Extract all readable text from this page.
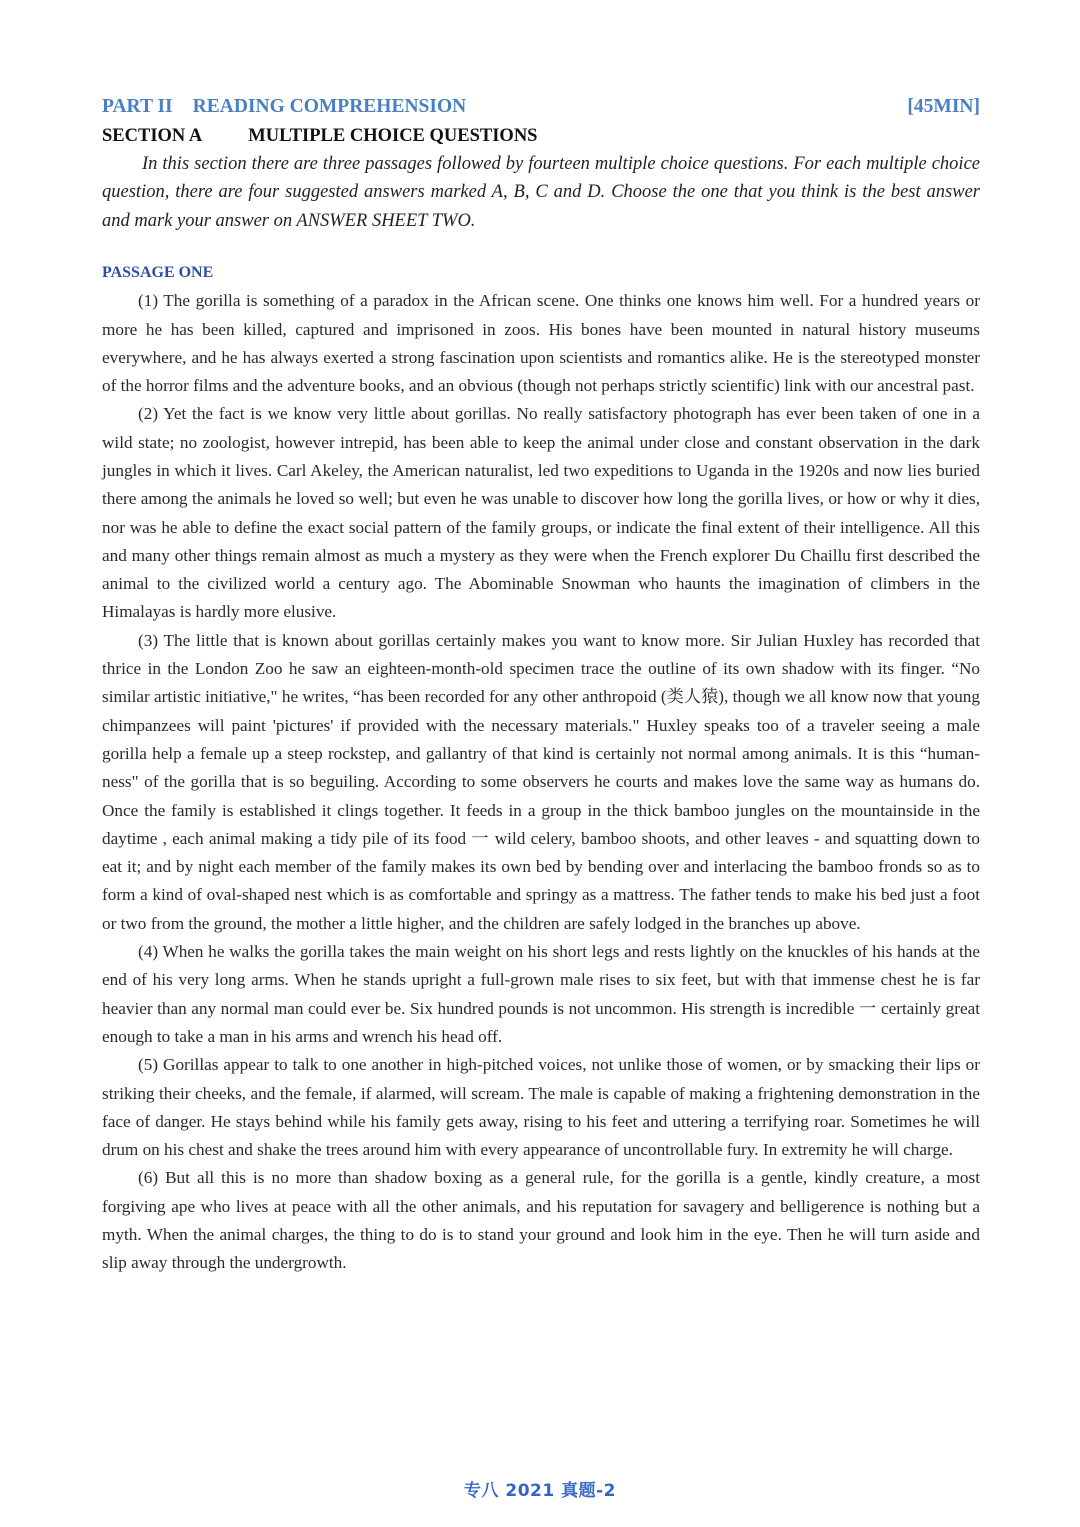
PART II READING COMPREHENSION	[45MIN]
SECTION A MULTIPLE CHOICE QUESTIONS

In this section there are three passages followed by fourteen multiple choice questions. For each multiple choice question, there are four suggested answers marked A, B, C and D. Choose the one that you think is the best answer and mark your answer on ANSWER SHEET TWO.

PASSAGE ONE

(1) The gorilla is something of a paradox in the African scene. One thinks one knows him well. For a hundred years or more he has been killed, captured and imprisoned in zoos. His bones have been mounted in natural history museums everywhere, and he has always exerted a strong fascination upon scientists and romantics alike. He is the stereotyped monster of the horror films and the adventure books, and an obvious (though not perhaps strictly scientific) link with our ancestral past.

(2) Yet the fact is we know very little about gorillas. No really satisfactory photograph has ever been taken of one in a wild state; no zoologist, however intrepid, has been able to keep the animal under close and constant observation in the dark jungles in which it lives. Carl Akeley, the American naturalist, led two expeditions to Uganda in the 1920s and now lies buried there among the animals he loved so well; but even he was unable to discover how long the gorilla lives, or how or why it dies, nor was he able to define the exact social pattern of the family groups, or indicate the final extent of their intelligence. All this and many other things remain almost as much a mystery as they were when the French explorer Du Chaillu first described the animal to the civilized world a century ago. The Abominable Snowman who haunts the imagination of climbers in the Himalayas is hardly more elusive.

(3) The little that is known about gorillas certainly makes you want to know more. Sir Julian Huxley has recorded that thrice in the London Zoo he saw an eighteen-month-old specimen trace the outline of its own shadow with its finger. “No similar artistic initiative," he writes, “has been recorded for any other anthropoid (类人猿), though we all know now that young chimpanzees will paint 'pictures' if provided with the necessary materials." Huxley speaks too of a traveler seeing a male gorilla help a female up a steep rockstep, and gallantry of that kind is certainly not normal among animals. It is this “human-ness" of the gorilla that is so beguiling. According to some observers he courts and makes love the same way as humans do. Once the family is established it clings together. It feeds in a group in the thick bamboo jungles on the mountainside in the daytime , each animal making a tidy pile of its food 一 wild celery, bamboo shoots, and other leaves - and squatting down to eat it; and by night each member of the family makes its own bed by bending over and interlacing the bamboo fronds so as to form a kind of oval-shaped nest which is as comfortable and springy as a mattress. The father tends to make his bed just a foot or two from the ground, the mother a little higher, and the children are safely lodged in the branches up above.

(4) When he walks the gorilla takes the main weight on his short legs and rests lightly on the knuckles of his hands at the end of his very long arms. When he stands upright a full-grown male rises to six feet, but with that immense chest he is far heavier than any normal man could ever be. Six hundred pounds is not uncommon. His strength is incredible 一 certainly great enough to take a man in his arms and wrench his head off.

(5) Gorillas appear to talk to one another in high-pitched voices, not unlike those of women, or by smacking their lips or striking their cheeks, and the female, if alarmed, will scream. The male is capable of making a frightening demonstration in the face of danger. He stays behind while his family gets away, rising to his feet and uttering a terrifying roar. Sometimes he will drum on his chest and shake the trees around him with every appearance of uncontrollable fury. In extremity he will charge.

(6) But all this is no more than shadow boxing as a general rule, for the gorilla is a gentle, kindly creature, a most forgiving ape who lives at peace with all the other animals, and his reputation for savagery and belligerence is nothing but a myth. When the animal charges, the thing to do is to stand your ground and look him in the eye. Then he will turn aside and slip away through the undergrowth.

专八 2021 真题-2
